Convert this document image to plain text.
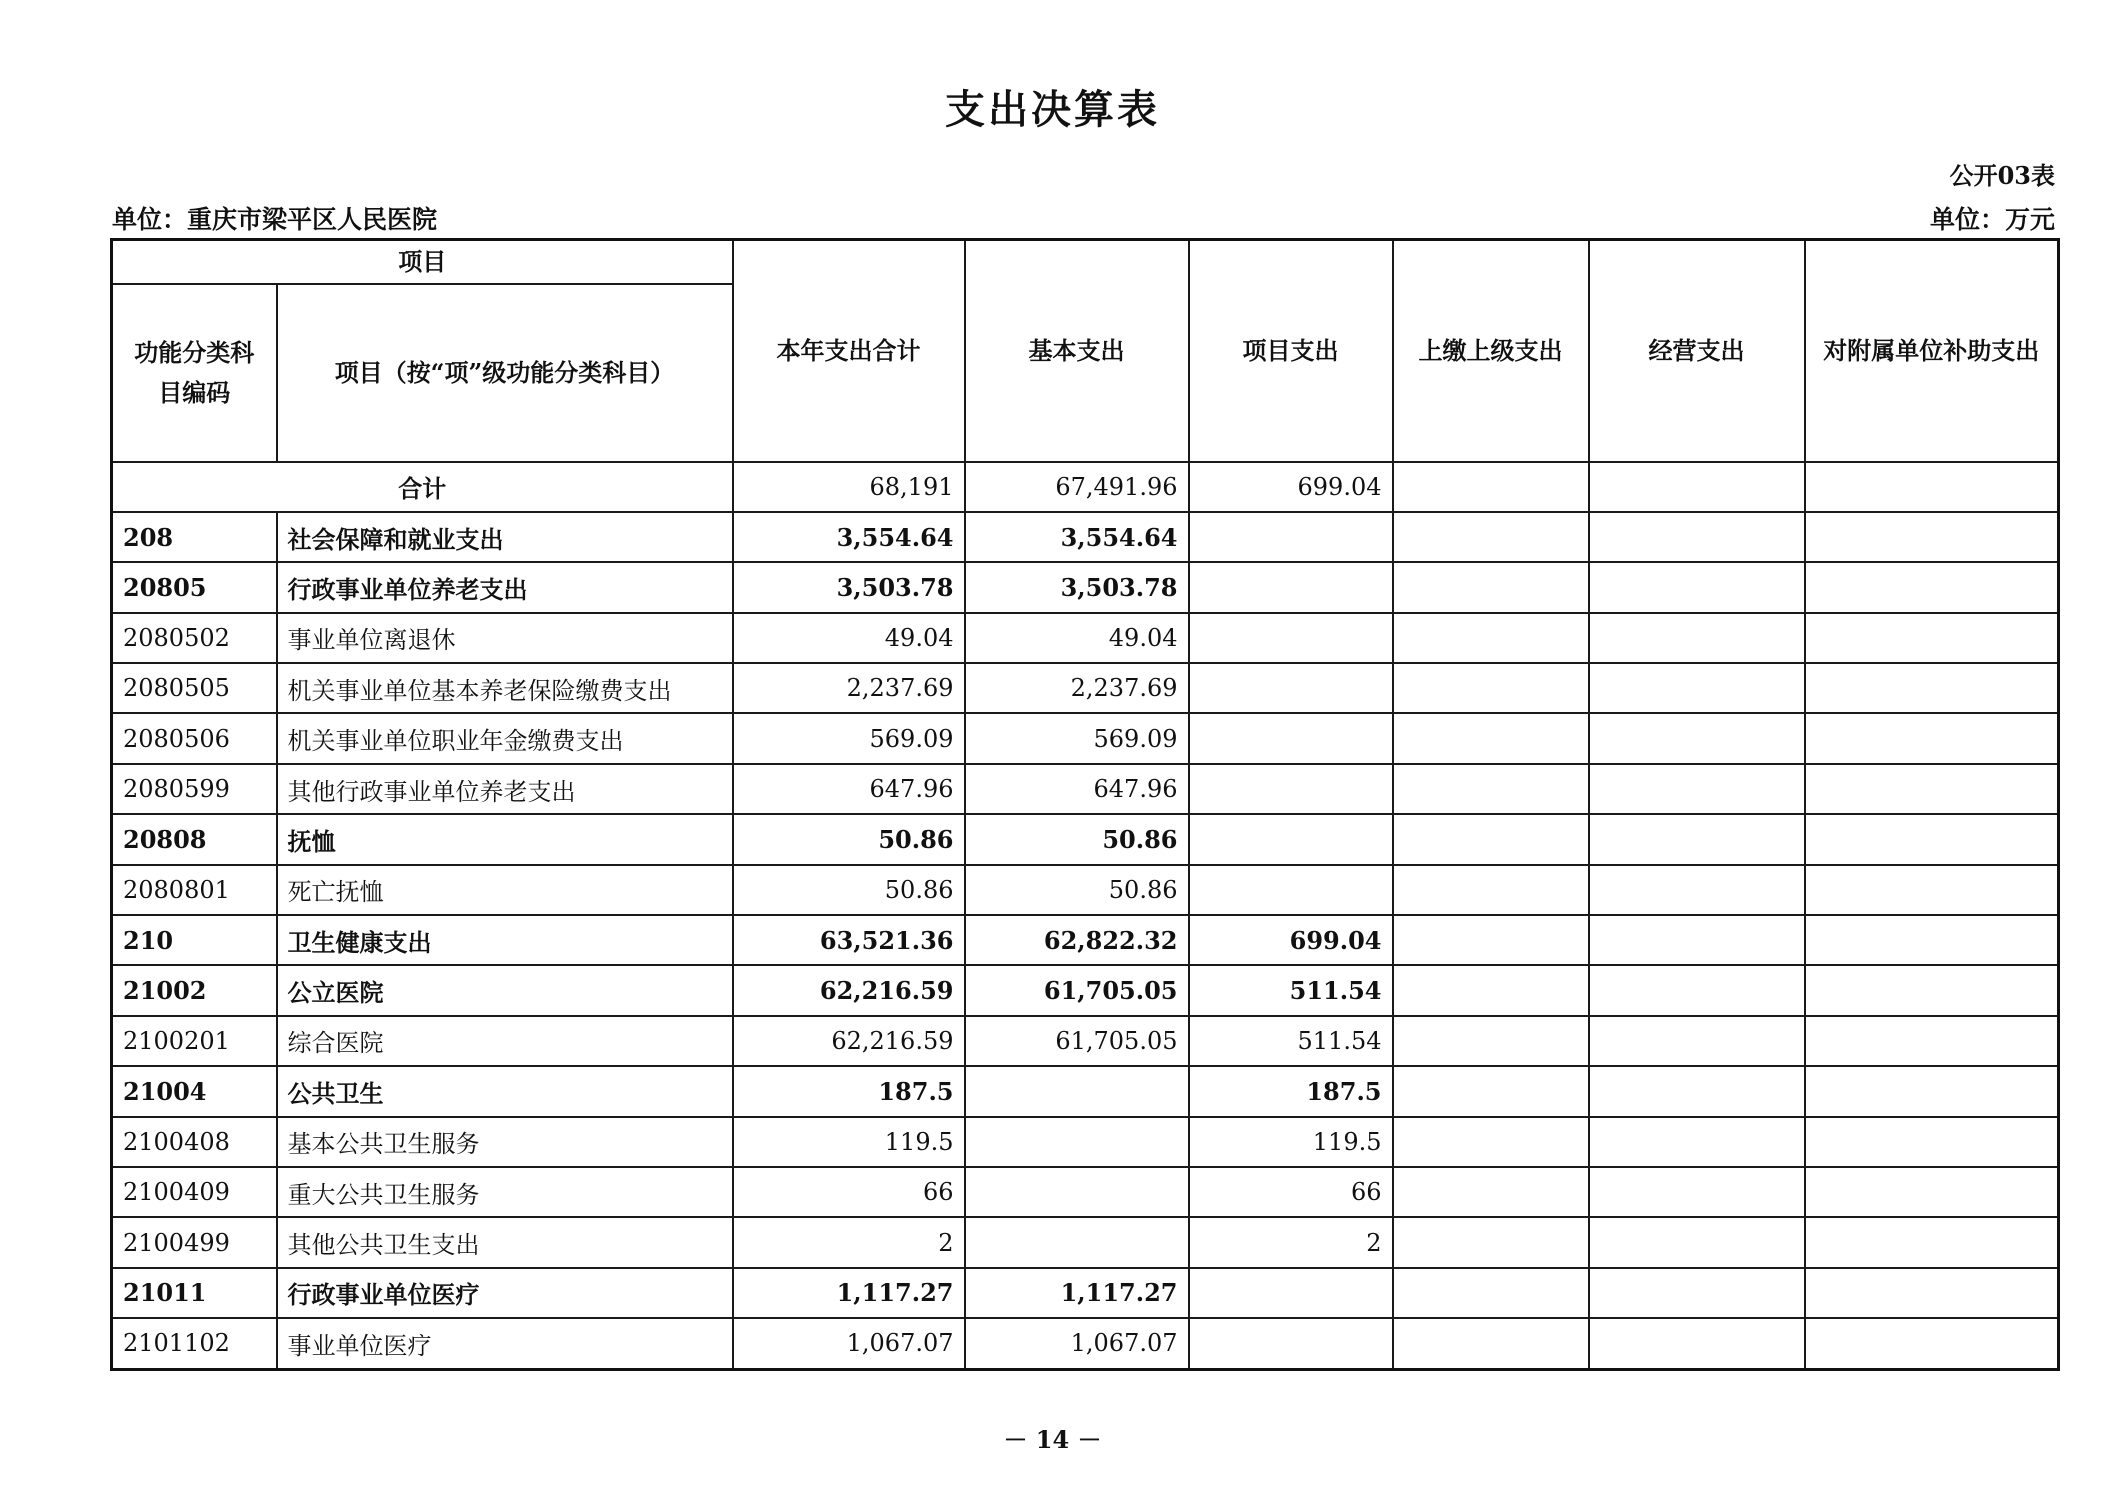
支出决算表
公开03表
单位：重庆市梁平区人民医院	单位：万元
项目		本年支出合计	基本支出	项目支出	上缴上级支出	经营支出	对附属单位补助支出
功能分类科目编码	项目（按“项”级功能分类科目）						
合计		68,191	67,491.96	699.04			
208	社会保障和就业支出	3,554.64	3,554.64				
20805	行政事业单位养老支出	3,503.78	3,503.78				
2080502	事业单位离退休	49.04	49.04				
2080505	机关事业单位基本养老保险缴费支出	2,237.69	2,237.69				
2080506	机关事业单位职业年金缴费支出	569.09	569.09				
2080599	其他行政事业单位养老支出	647.96	647.96				
20808	抚恤	50.86	50.86				
2080801	死亡抚恤	50.86	50.86				
210	卫生健康支出	63,521.36	62,822.32	699.04			
21002	公立医院	62,216.59	61,705.05	511.54			
2100201	综合医院	62,216.59	61,705.05	511.54			
21004	公共卫生	187.5		187.5			
2100408	基本公共卫生服务	119.5		119.5			
2100409	重大公共卫生服务	66		66			
2100499	其他公共卫生支出	2		2			
21011	行政事业单位医疗	1,117.27	1,117.27				
2101102	事业单位医疗	1,067.07	1,067.07				
－ 14 －
